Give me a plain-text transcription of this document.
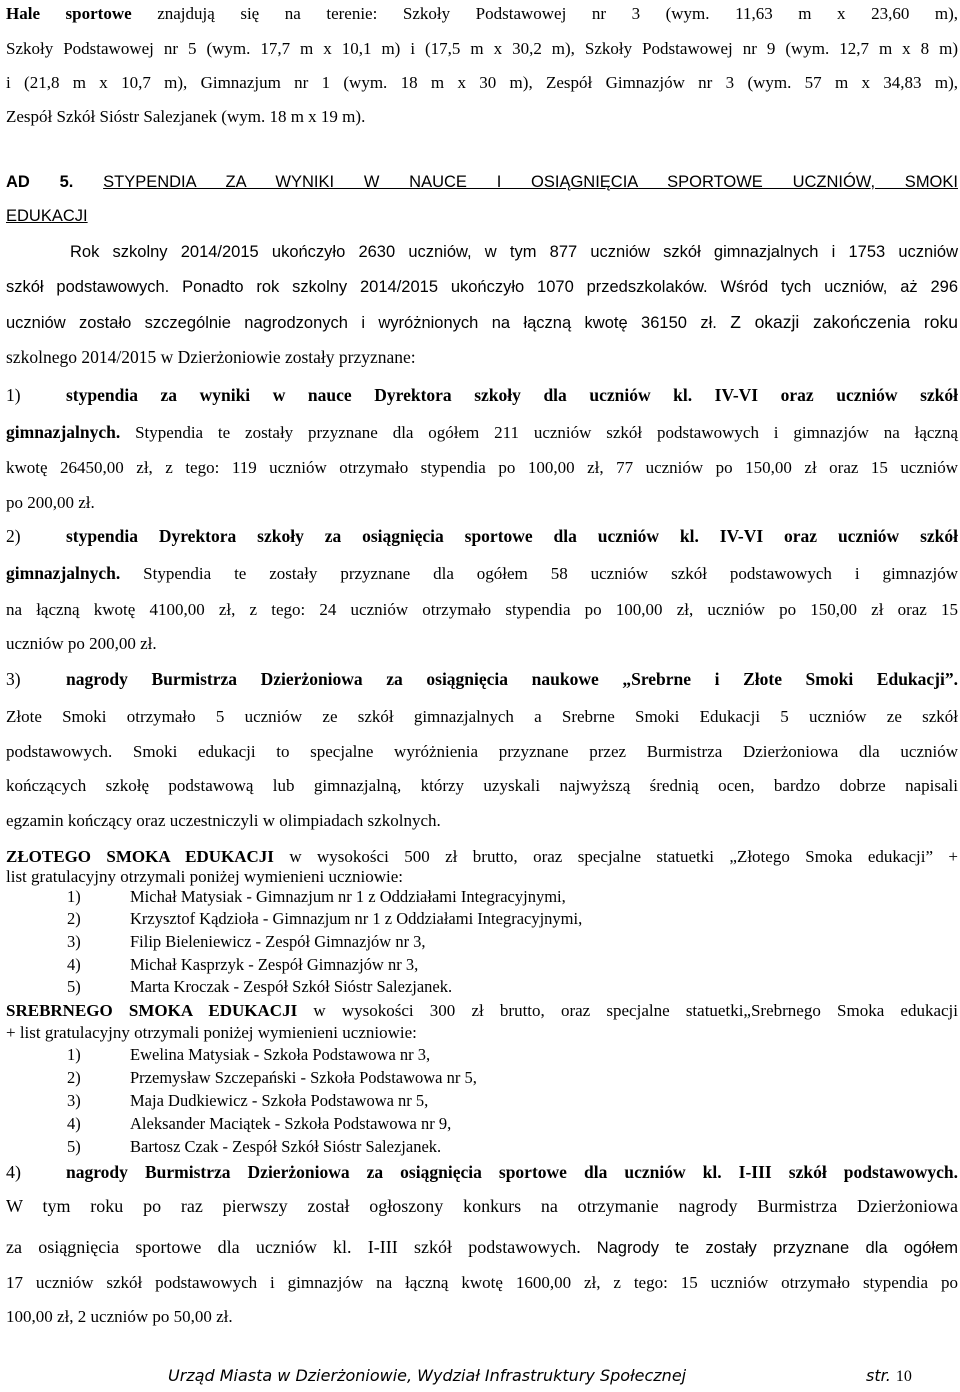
Hale sportowe znajdują się na terenie: Szkoły Podstawowej nr 3 (wym. 11,63 m x 23,60 m),
Szkoły Podstawowej nr 5 (wym. 17,7 m x 10,1 m) i (17,5 m x 30,2 m), Szkoły Podstawowej nr 9 (wym. 12,7 m x 8 m)
i (21,8 m x 10,7 m), Gimnazjum nr 1 (wym. 18 m x 30 m), Zespół Gimnazjów nr 3 (wym. 57 m x 34,83 m),
Zespół Szkół Sióstr Salezjanek (wym. 18 m x 19 m).
AD 5. STYPENDIA ZA WYNIKI W NAUCE I OSIĄGNIĘCIA SPORTOWE UCZNIÓW, SMOKI
EDUKACJI
Rok szkolny 2014/2015 ukończyło 2630 uczniów, w tym 877 uczniów szkół gimnazjalnych i 1753 uczniów
szkół podstawowych. Ponadto rok szkolny 2014/2015 ukończyło 1070 przedszkolaków. Wśród tych uczniów, aż 296
uczniów zostało szczególnie nagrodzonych i wyróżnionych na łączną kwotę 36150 zł. Z okazji zakończenia roku
szkolnego 2014/2015 w Dzierżoniowie zostały przyznane:
1)	stypendia za wyniki w nauce Dyrektora szkoły dla uczniów kl. IV-VI oraz uczniów szkół
gimnazjalnych. Stypendia te zostały przyznane dla ogółem 211 uczniów szkół podstawowych i gimnazjów na łączną
kwotę 26450,00 zł, z tego: 119 uczniów otrzymało stypendia po 100,00 zł, 77 uczniów po 150,00 zł oraz 15 uczniów
po 200,00 zł.
2)	stypendia Dyrektora szkoły za osiągnięcia sportowe dla uczniów kl. IV-VI oraz uczniów szkół
gimnazjalnych. Stypendia te zostały przyznane dla ogółem 58 uczniów szkół podstawowych i gimnazjów
na łączną kwotę 4100,00 zł, z tego: 24 uczniów otrzymało stypendia po 100,00 zł, uczniów po 150,00 zł oraz 15
uczniów po 200,00 zł.
3)	nagrody Burmistrza Dzierżoniowa za osiągnięcia naukowe „Srebrne i Złote Smoki Edukacji”.
Złote Smoki otrzymało 5 uczniów ze szkół gimnazjalnych a Srebrne Smoki Edukacji 5 uczniów ze szkół
podstawowych. Smoki edukacji to specjalne wyróżnienia przyznane przez Burmistrza Dzierżoniowa dla uczniów
kończących szkołę podstawową lub gimnazjalną, którzy uzyskali najwyższą średnią ocen, bardzo dobrze napisali
egzamin kończący oraz uczestniczyli w olimpiadach szkolnych.
ZŁOTEGO SMOKA EDUKACJI w wysokości 500 zł brutto, oraz specjalne statuetki „Złotego Smoka edukacji” +
list gratulacyjny otrzymali poniżej wymienieni uczniowie:
1)	Michał Matysiak - Gimnazjum nr 1 z Oddziałami Integracyjnymi,
2)	Krzysztof Kądzioła - Gimnazjum nr 1 z Oddziałami Integracyjnymi,
3)	Filip Bieleniewicz - Zespół Gimnazjów nr 3,
4)	Michał Kasprzyk - Zespół Gimnazjów nr 3,
5)	Marta Kroczak - Zespół Szkół Sióstr Salezjanek.
SREBRNEGO SMOKA EDUKACJI w wysokości 300 zł brutto, oraz specjalne statuetki„Srebrnego Smoka edukacji
+ list gratulacyjny otrzymali poniżej wymienieni uczniowie:
1)	Ewelina Matysiak - Szkoła Podstawowa nr 3,
2)	Przemysław Szczepański - Szkoła Podstawowa nr 5,
3)	Maja Dudkiewicz - Szkoła Podstawowa nr 5,
4)	Aleksander Maciątek - Szkoła Podstawowa nr 9,
5)	Bartosz Czak - Zespół Szkół Sióstr Salezjanek.
4)	nagrody Burmistrza Dzierżoniowa za osiągnięcia sportowe dla uczniów kl. I-III szkół podstawowych.
W tym roku po raz pierwszy został ogłoszony konkurs na otrzymanie nagrody Burmistrza Dzierżoniowa
za osiągnięcia sportowe dla uczniów kl. I-III szkół podstawowych. Nagrody te zostały przyznane dla ogółem
17 uczniów szkół podstawowych i gimnazjów na łączną kwotę 1600,00 zł, z tego: 15 uczniów otrzymało stypendia po
100,00 zł, 2 uczniów po 50,00 zł.
Urząd Miasta w Dzierżoniowie, Wydział Infrastruktury Społecznej	str. 10
